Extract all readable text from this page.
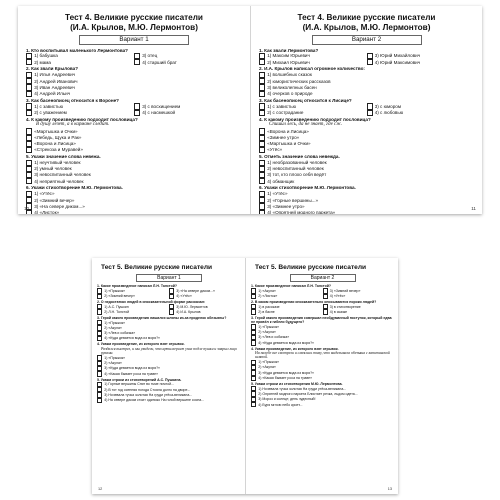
Тест 4. Великие русские писатели
(И.А. Крылов, М.Ю. Лермонтов)
Вариант 1
1. Кто воспитывал маленького Лермонтова?
1) бабушка	3) отец
2) мама	4) старший брат
2. Как звали Крылова?
1) Илья Андреевич
2) Андрей Иванович
3) Иван Андреевич
4) Андрей Ильич
3. Как басенописец относится к Вороне?
1) с завистью	3) с восхищением
2) с уважением	4) с насмешкой
4. К какому произведению подходит пословица?
В душу лезет, а в кармане следит.
«Мартышка и Очки»
«Лебедь, Щука и Рак»
«Ворона и Лисица»
«Стрекоза и Муравей»
5. Укажи значение слова невежа.
1) неучтивый человек
2) умный человек
3) невоспитанный человек
4) неприятный человек
6. Укажи стихотворение М.Ю. Лермонтова.
1) «Утёс»
2) «Зимний вечер»
3) «На севере диком...»
4) «Листок»
10
Тест 4. Великие русские писатели
(И.А. Крылов, М.Ю. Лермонтов)
Вариант 2
1. Как звали Лермонтова?
1) Максим Юрьевич	3) Юрий Михайлович
2) Михаил Юрьевич	4) Юрий Максимович
2. И.А. Крылов написал огромное количество:
1) волшебных сказок
2) юмористических рассказов
3) великолепных басен
4) очерков о природе
3. Как басенописец относится к Лисице?
1) с завистью	3) с юмором
2) с сострадание	4) с любовью
4. К какому произведению подходит пословица?
Спишил лесь, да не знает, где сж.
«Ворона и Лисица»
«Зимнее утро»
«Мартышка и Очки»
«Утёс»
5. Отметь значение слова невежда.
1) необразованный человек
2) невоспитанный человек
3) тот, кто плохо себя ведёт
4) обманщик
6. Укажи стихотворение М.Ю. Лермонтова.
1) «Утёс»
2) «Горные вершины...»
3) «Зимнее утро»
4) «Опрятней модного паркета»
11
Тест 5. Великие русские писатели
Вариант 1
1. Какое произведение написал Л.Н. Толстой?
1) «Прыжок»	3) «На севере диком...»
2) «Зимний вечер»	4) «Утёс»
2. О недостатках людей в иносказательной форме рассказал:
1) А.С. Пушкин	3) М.Ю. Лермонтов
2) Л.Н. Толстой	4) И.А. Крылов
3. Герой какого произведения лишился шляпы из-за проделок обезьяны?
1) «Прыжок»
2) «Акула»
3) «Лев и собачка»
4) «Куда девается вода из моря?»
4. Укажи произведение, из которого взят отрывок.
Раздался выстрел, и мы увидели, что артиллерист упал подле пушки и закрыл лицо руками.
1) «Прыжок»
2) «Акула»
3) «Куда девается вода из моря?»
4) «Какая бывает роса на траве»
5. Укажи строки из стихотворений А.С. Пушкина.
1) Горные вершины Спят во тьме ночной...
2) В тот год осенняя погода Стояла долго на дворе...
3) Ночевала тучка золотая На груди утёса-великана...
4) На севере диком стоит одиноко На голой вершине сосна...
12
Тест 5. Великие русские писатели
Вариант 2
1. Какое произведение написал Л.Н. Толстой?
1) «Акула»	3) «Зимний вечер»
2) «Листок»	4) «Утёс»
2. В каком произведении иносказательно описываются пороки людей?
1) в рассказе	3) в стихотворение
2) в басне	4) в сказке
3. Герой какого произведения совершил необдуманный поступок, который едва не привёл к гибели будущего?
1) «Прыжок»
2) «Акула»
3) «Лев и собачка»
4) «Куда девается вода из моря?»
4. Укажи произведение, из которого взят отрывок.
На палубе все смотрели и смеялись тому, что выделывала обезьяна с капитанской шляпой.
1) «Прыжок»
2) «Акула»
3) «Куда девается вода из моря?»
4) «Какая бывает роса на траве»
5. Укажи строки из стихотворения М.Ю. Лермонтова.
1) Ночевала тучка золотая На груди утёса-великана...
2) Опрятней модного паркета Блистает речка, льдом одета...
3) Мороз и солнце; день чудесный!
4) Буря мглою небо кроет...
13
